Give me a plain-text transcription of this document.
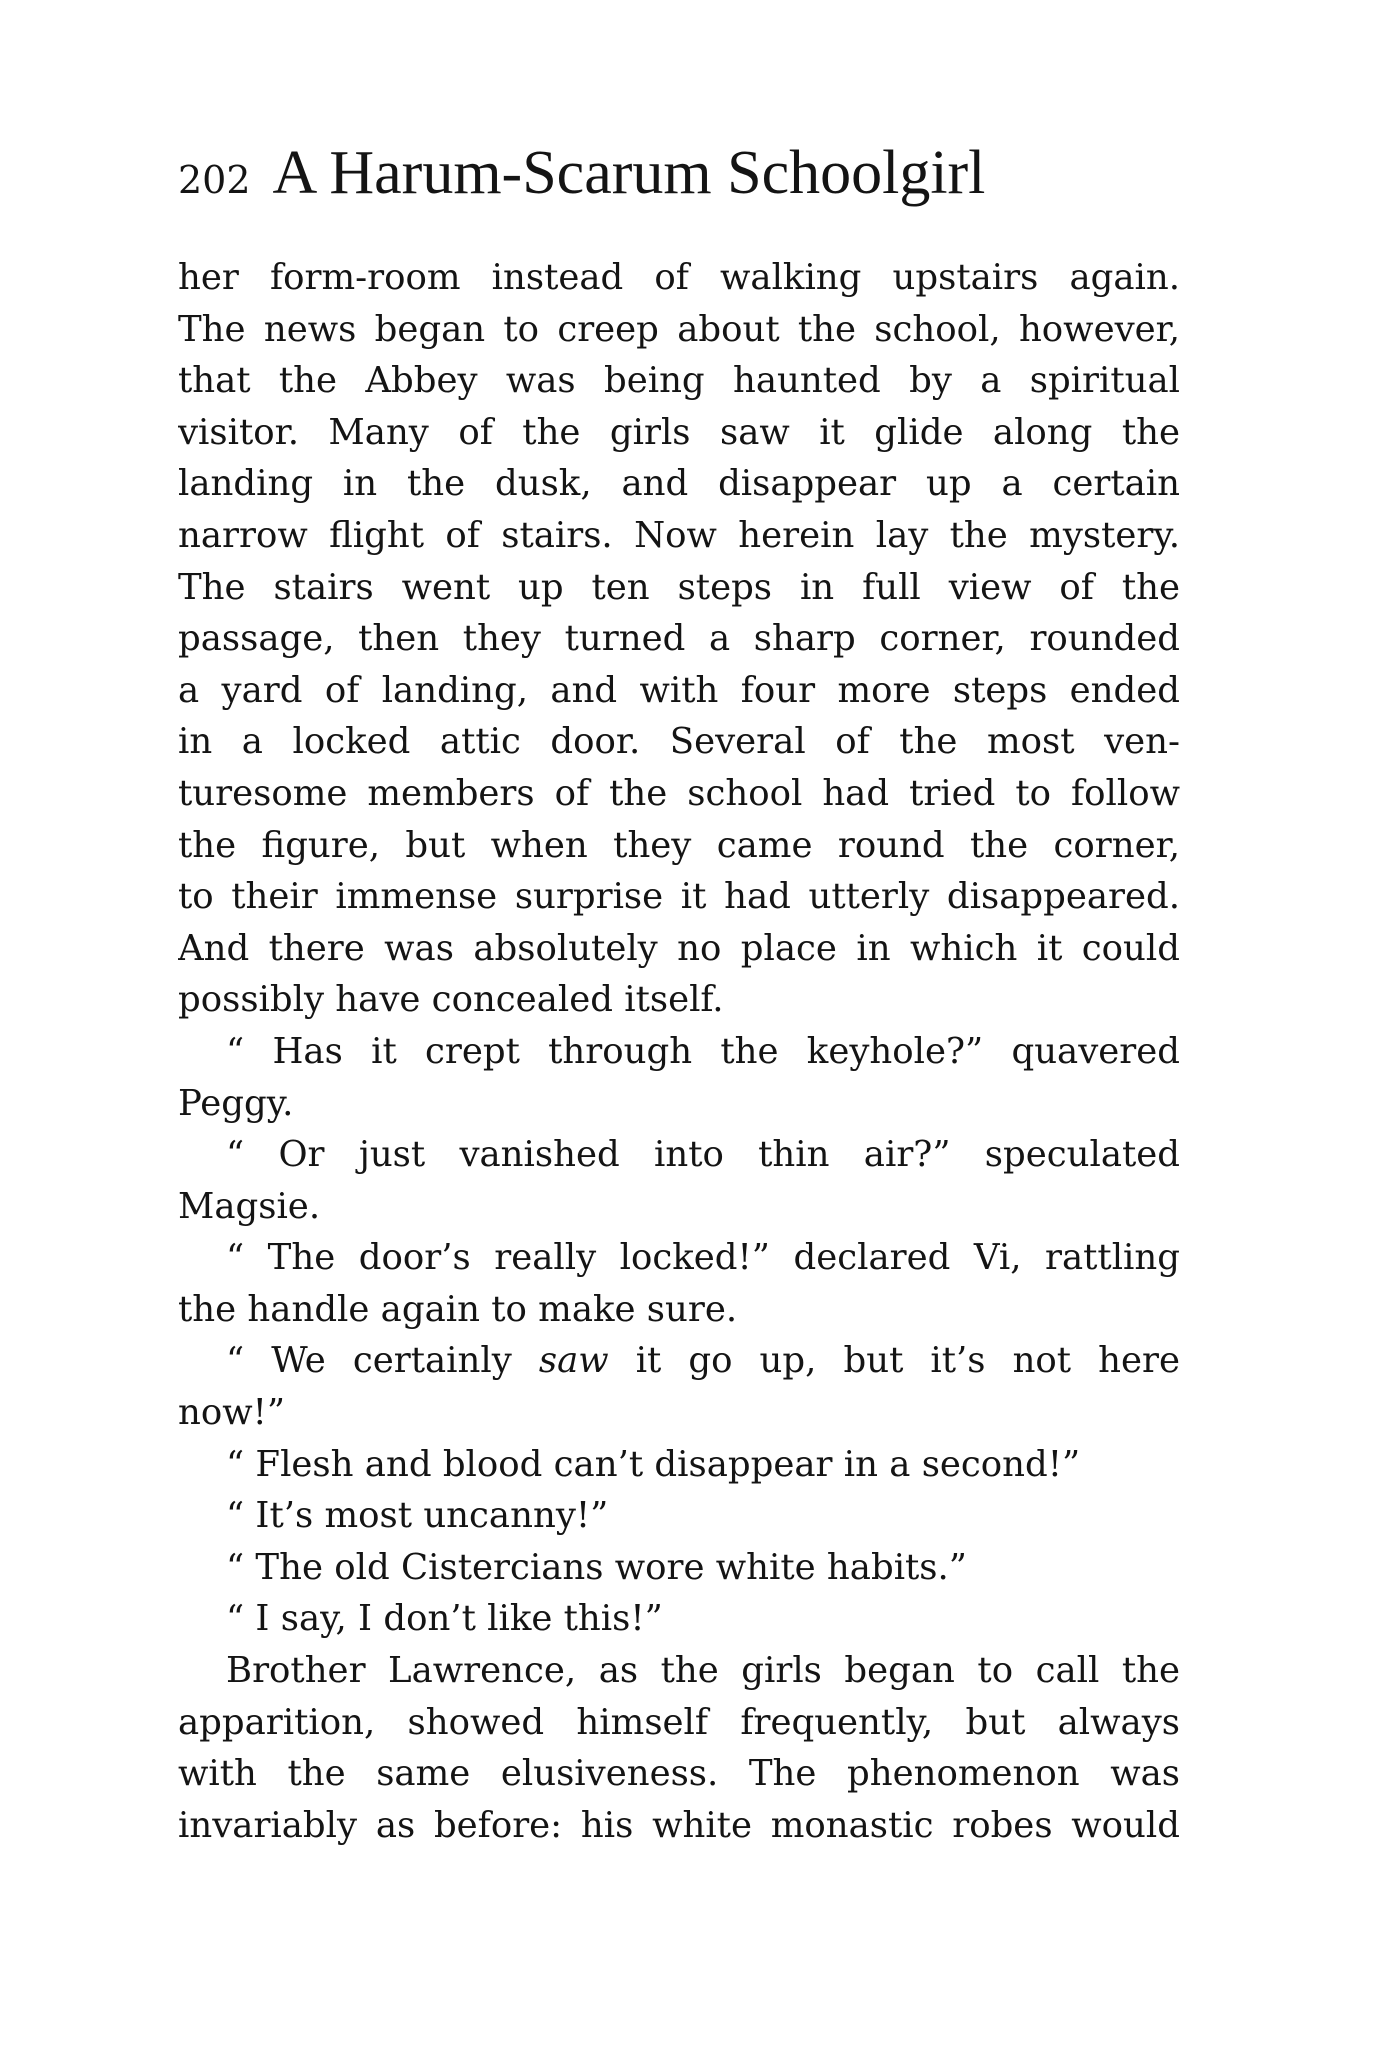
202 A Harum-Scarum Schoolgirl
her form-room instead of walking upstairs again.
The news began to creep about the school, however,
that the Abbey was being haunted by a spiritual
visitor. Many of the girls saw it glide along the
landing in the dusk, and disappear up a certain
narrow flight of stairs. Now herein lay the mystery.
The stairs went up ten steps in full view of the
passage, then they turned a sharp corner, rounded
a yard of landing, and with four more steps ended
in a locked attic door. Several of the most ven-
turesome members of the school had tried to follow
the figure, but when they came round the corner,
to their immense surprise it had utterly disappeared.
And there was absolutely no place in which it could
possibly have concealed itself.
“ Has it crept through the keyhole?” quavered
Peggy.
“ Or just vanished into thin air?” speculated
Magsie.
“ The door’s really locked!” declared Vi, rattling
the handle again to make sure.
“ We certainly saw it go up, but it’s not here
now!”
“ Flesh and blood can’t disappear in a second!”
“ It’s most uncanny!”
“ The old Cistercians wore white habits.”
“ I say, I don’t like this!”
Brother Lawrence, as the girls began to call the
apparition, showed himself frequently, but always
with the same elusiveness. The phenomenon was
invariably as before: his white monastic robes would
